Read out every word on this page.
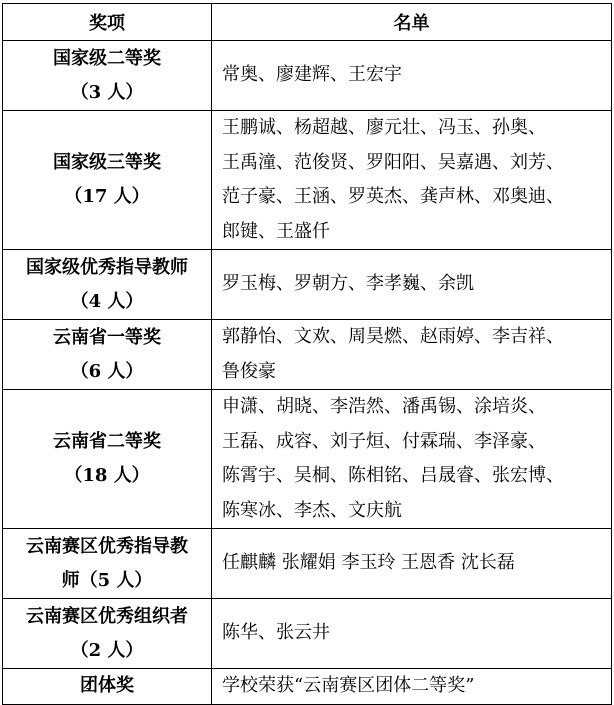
奖项	名单

国家级二等奖
（3 人）	常奥、廖建辉、王宏宇

国家级三等奖
（17 人）	王鹏诚、杨超越、廖元壮、冯玉、孙奥、
王禹潼、范俊贤、罗阳阳、吴嘉遇、刘芳、
范子豪、王涵、罗英杰、龚声林、邓奥迪、
郎键、王盛仟

国家级优秀指导教师
（4 人）	罗玉梅、罗朝方、李孝巍、余凯

云南省一等奖
（6 人）	郭静怡、文欢、周昊燃、赵雨婷、李吉祥、
鲁俊豪

云南省二等奖
（18 人）	申潇、胡晓、李浩然、潘禹锡、涂培炎、
王磊、成容、刘子烜、付霖瑞、李泽豪、
陈霄宇、吴桐、陈相铭、吕晟睿、张宏博、
陈寒冰、李杰、文庆航

云南赛区优秀指导教
师（5 人）	任麒麟 张耀娟 李玉玲 王恩香 沈长磊

云南赛区优秀组织者
（2 人）	陈华、张云井

团体奖	学校荣获“云南赛区团体二等奖”
